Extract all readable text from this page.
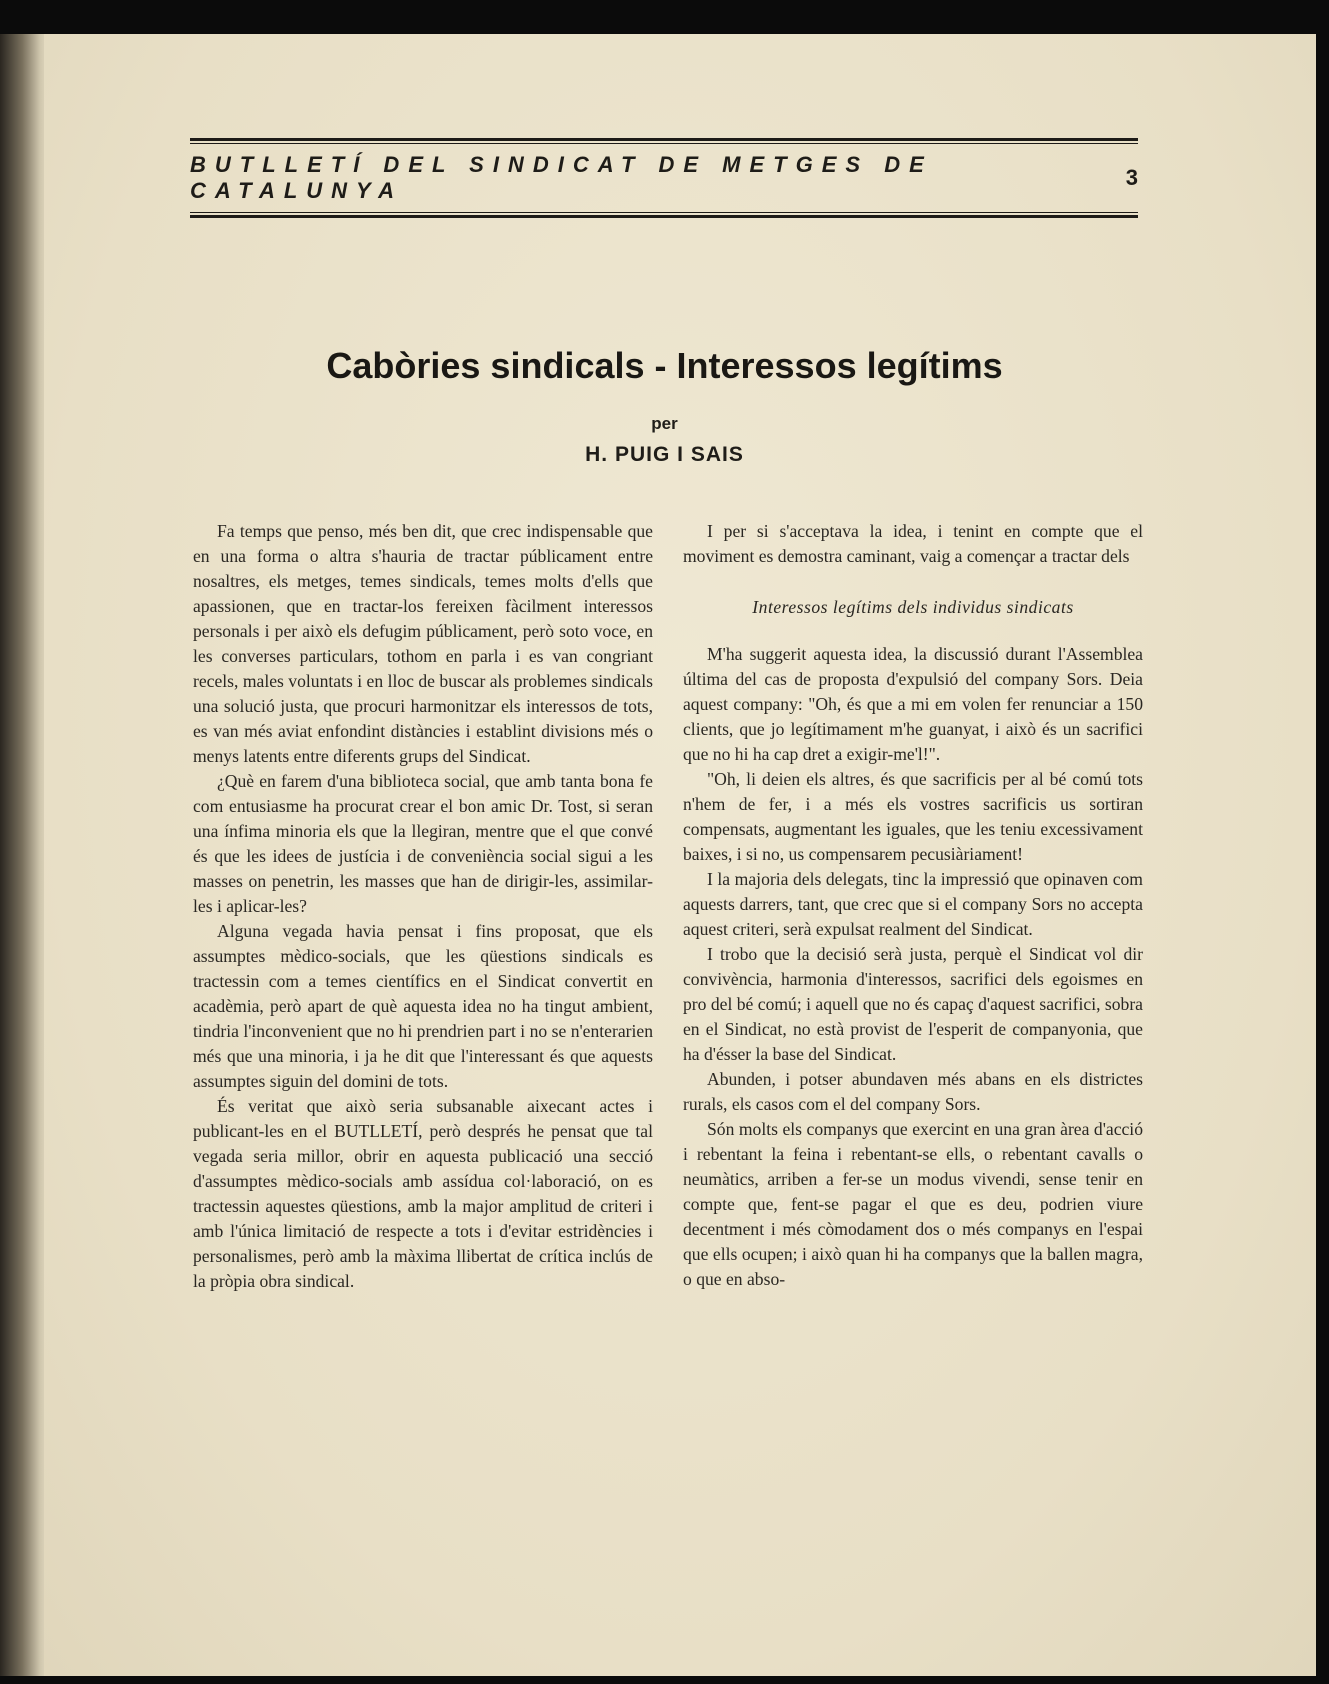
BUTLLETÍ DEL SINDICAT DE METGES DE CATALUNYA
3
Cabòries sindicals - Interessos legítims
per
H. PUIG I SAIS

Fa temps que penso, més ben dit, que crec indispensable que en una forma o altra s'hauria de tractar públicament entre nosaltres, els metges, temes sindicals, temes molts d'ells que apassionen, que en tractar-los fereixen fàcilment interessos personals i per això els defugim públicament, però soto voce, en les converses particulars, tothom en parla i es van congriant recels, males voluntats i en lloc de buscar als problemes sindicals una solució justa, que procuri harmonitzar els interessos de tots, es van més aviat enfondint distàncies i establint divisions més o menys latents entre diferents grups del Sindicat.

¿Què en farem d'una biblioteca social, que amb tanta bona fe com entusiasme ha procurat crear el bon amic Dr. Tost, si seran una ínfima minoria els que la llegiran, mentre que el que convé és que les idees de justícia i de conveniència social sigui a les masses on penetrin, les masses que han de dirigir-les, assimilar-les i aplicar-les?

Alguna vegada havia pensat i fins proposat, que els assumptes mèdico-socials, que les qüestions sindicals es tractessin com a temes científics en el Sindicat convertit en acadèmia, però apart de què aquesta idea no ha tingut ambient, tindria l'inconvenient que no hi prendrien part i no se n'enterarien més que una minoria, i ja he dit que l'interessant és que aquests assumptes siguin del domini de tots.

És veritat que això seria subsanable aixecant actes i publicant-les en el BUTLLETÍ, però després he pensat que tal vegada seria millor, obrir en aquesta publicació una secció d'assumptes mèdico-socials amb assídua col·laboració, on es tractessin aquestes qüestions, amb la major amplitud de criteri i amb l'única limitació de respecte a tots i d'evitar estridències i personalismes, però amb la màxima llibertat de crítica inclús de la pròpia obra sindical.

I per si s'acceptava la idea, i tenint en compte que el moviment es demostra caminant, vaig a començar a tractar dels

Interessos legítims dels individus sindicats

M'ha suggerit aquesta idea, la discussió durant l'Assemblea última del cas de proposta d'expulsió del company Sors. Deia aquest company: "Oh, és que a mi em volen fer renunciar a 150 clients, que jo legítimament m'he guanyat, i això és un sacrifici que no hi ha cap dret a exigir-me'l!".

"Oh, li deien els altres, és que sacrificis per al bé comú tots n'hem de fer, i a més els vostres sacrificis us sortiran compensats, augmentant les iguales, que les teniu excessivament baixes, i si no, us compensarem pecusiàriament!

I la majoria dels delegats, tinc la impressió que opinaven com aquests darrers, tant, que crec que si el company Sors no accepta aquest criteri, serà expulsat realment del Sindicat.

I trobo que la decisió serà justa, perquè el Sindicat vol dir convivència, harmonia d'interessos, sacrifici dels egoismes en pro del bé comú; i aquell que no és capaç d'aquest sacrifici, sobra en el Sindicat, no està provist de l'esperit de companyonia, que ha d'ésser la base del Sindicat.

Abunden, i potser abundaven més abans en els districtes rurals, els casos com el del company Sors.

Són molts els companys que exercint en una gran àrea d'acció i rebentant la feina i rebentant-se ells, o rebentant cavalls o neumàtics, arriben a fer-se un modus vivendi, sense tenir en compte que, fent-se pagar el que es deu, podrien viure decentment i més còmodament dos o més companys en l'espai que ells ocupen; i això quan hi ha companys que la ballen magra, o que en abso-
